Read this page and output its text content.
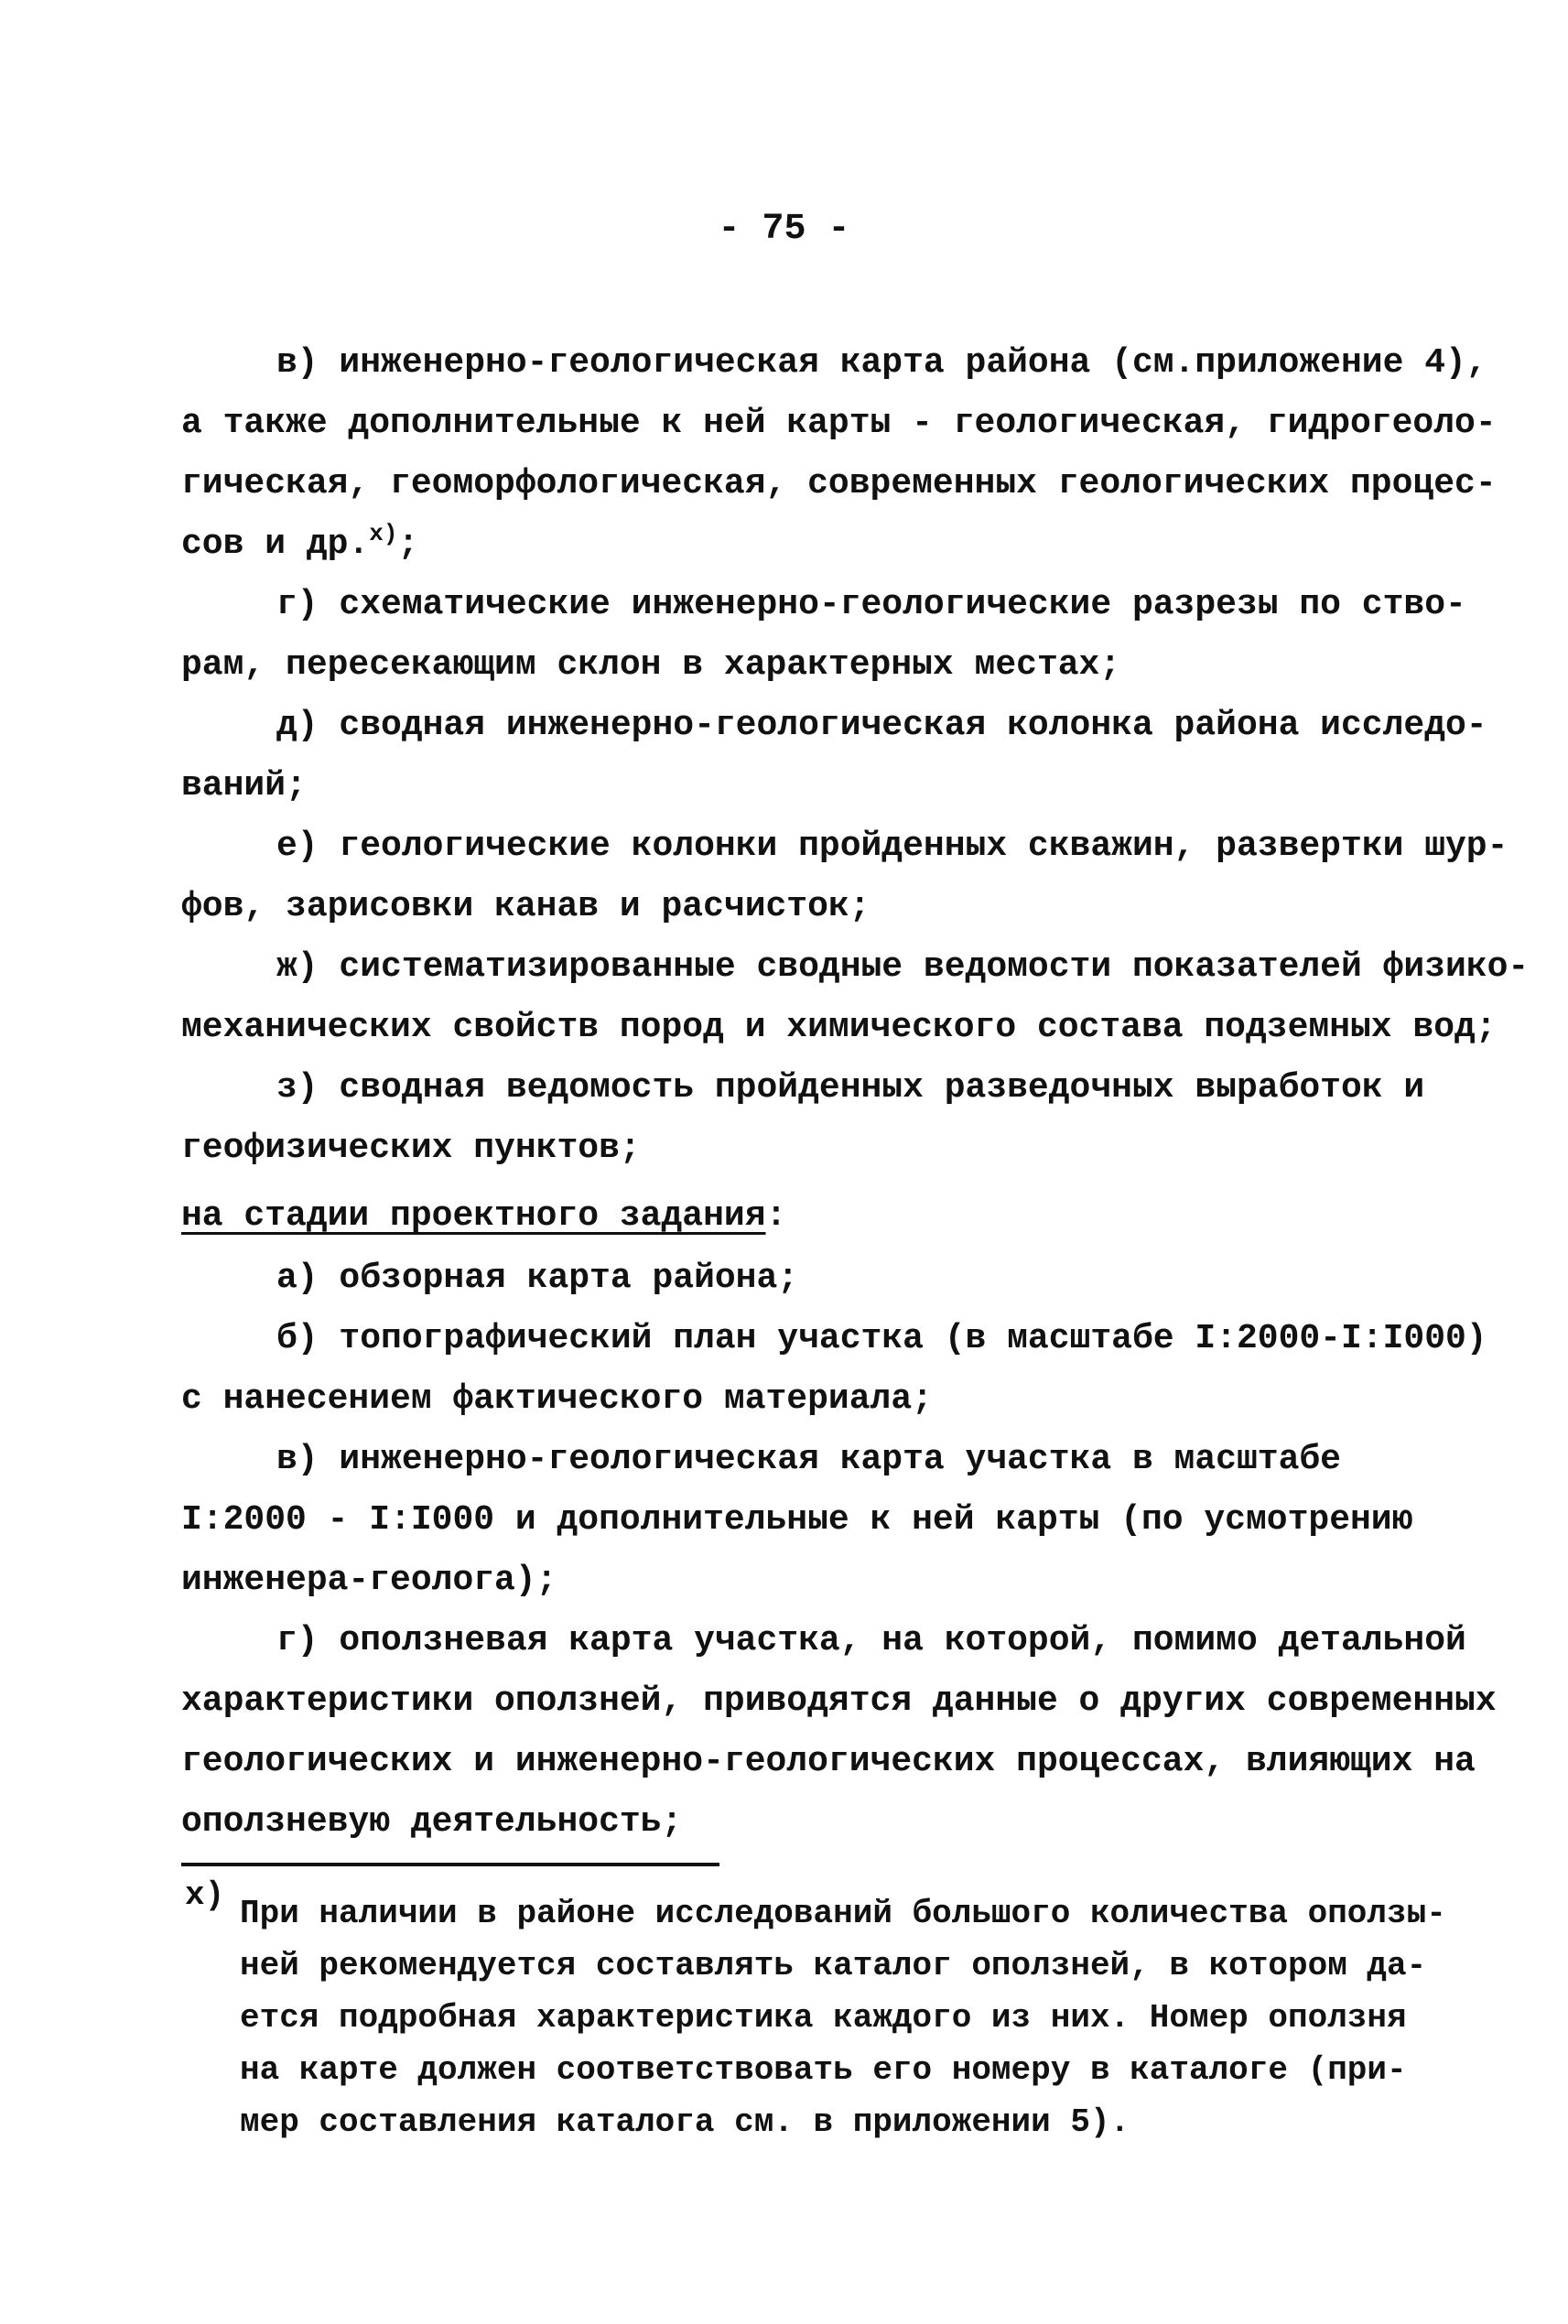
- 75 -
в) инженерно-геологическая карта района (см.приложение 4),
а также дополнительные к ней карты - геологическая, гидрогеоло-
гическая, геоморфологическая, современных геологических процес-
сов и др.$^{x)}$;
г) схематические инженерно-геологические разрезы по ство-
рам, пересекающим склон в характерных местах;
д) сводная инженерно-геологическая колонка района исследо-
ваний;
е) геологические колонки пройденных скважин, развертки шур-
фов, зарисовки канав и расчисток;
ж) систематизированные сводные ведомости показателей физико-
механических свойств пород и химического состава подземных вод;
з) сводная ведомость пройденных разведочных выработок и
геофизических пунктов;
на стадии проектного задания:
а) обзорная карта района;
б) топографический план участка (в масштабе I:2000-I:I000)
с нанесением фактического материала;
в) инженерно-геологическая карта участка в масштабе
I:2000 - I:I000 и дополнительные к ней карты (по усмотрению
инженера-геолога);
г) оползневая карта участка, на которой, помимо детальной
характеристики оползней, приводятся данные о других современных
геологических и инженерно-геологических процессах, влияющих на
оползневую деятельность;
x) При наличии в районе исследований большого количества оползы-
ней рекомендуется составлять каталог оползней, в котором да-
ется подробная характеристика каждого из них. Номер оползня
на карте должен соответствовать его номеру в каталоге (при-
мер составления каталога см. в приложении 5).
